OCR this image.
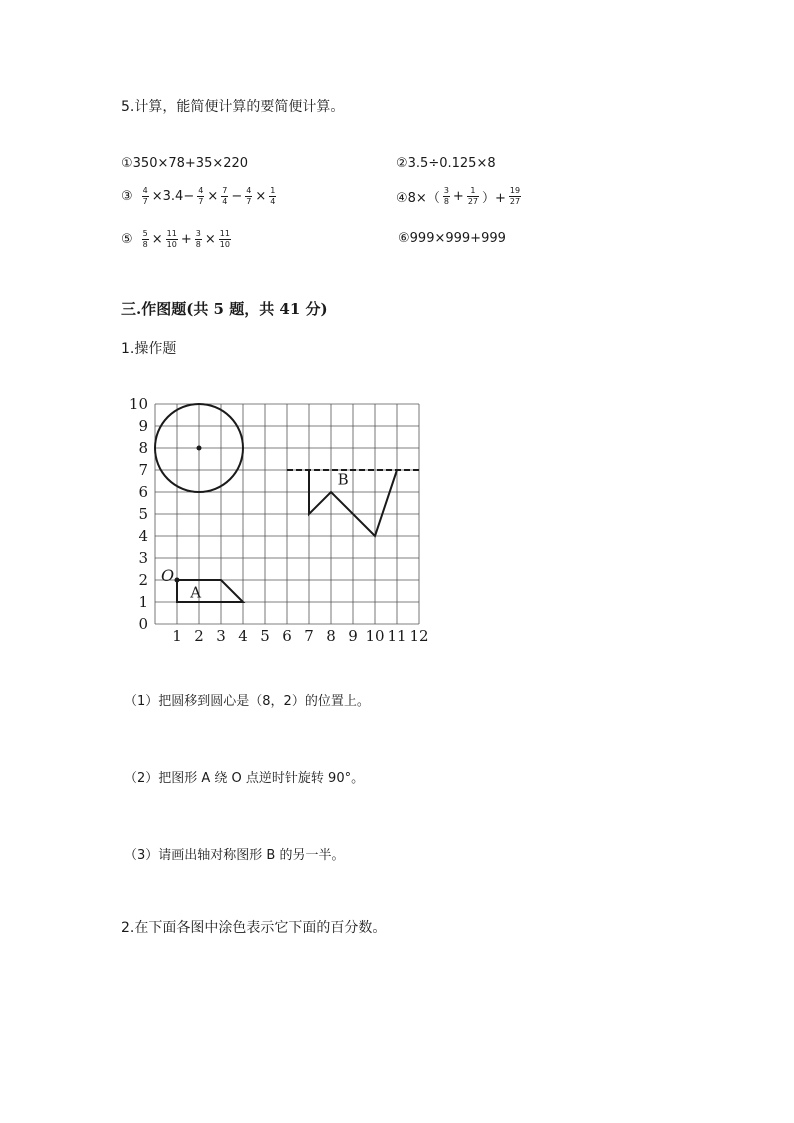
5.计算，能简便计算的要简便计算。
①350×78+35×220	②3.5÷0.125×8
③ $\frac{4}{7} \times 3.4- \frac{4}{7} \times \frac{7}{4} - \frac{4}{7} \times \frac{1}{4}$	④8×（ $\frac{3}{8} + \frac{1}{27}$ ）+ $\frac{19}{27}$
⑤ $\frac{5}{8} \times \frac{11}{10} + \frac{3}{8} \times \frac{11}{10}$	⑥999×999+999
三.作图题(共 5 题，共 41 分)
1.操作题
1 2 3 4 5 6 7 8 9 10 11 12
0
1
2
3
4
5
6
7
8
9
10
O
A
B
（1）把圆移到圆心是（8，2）的位置上。
（2）把图形 A 绕 O 点逆时针旋转 90°。
（3）请画出轴对称图形 B 的另一半。
2.在下面各图中涂色表示它下面的百分数。
